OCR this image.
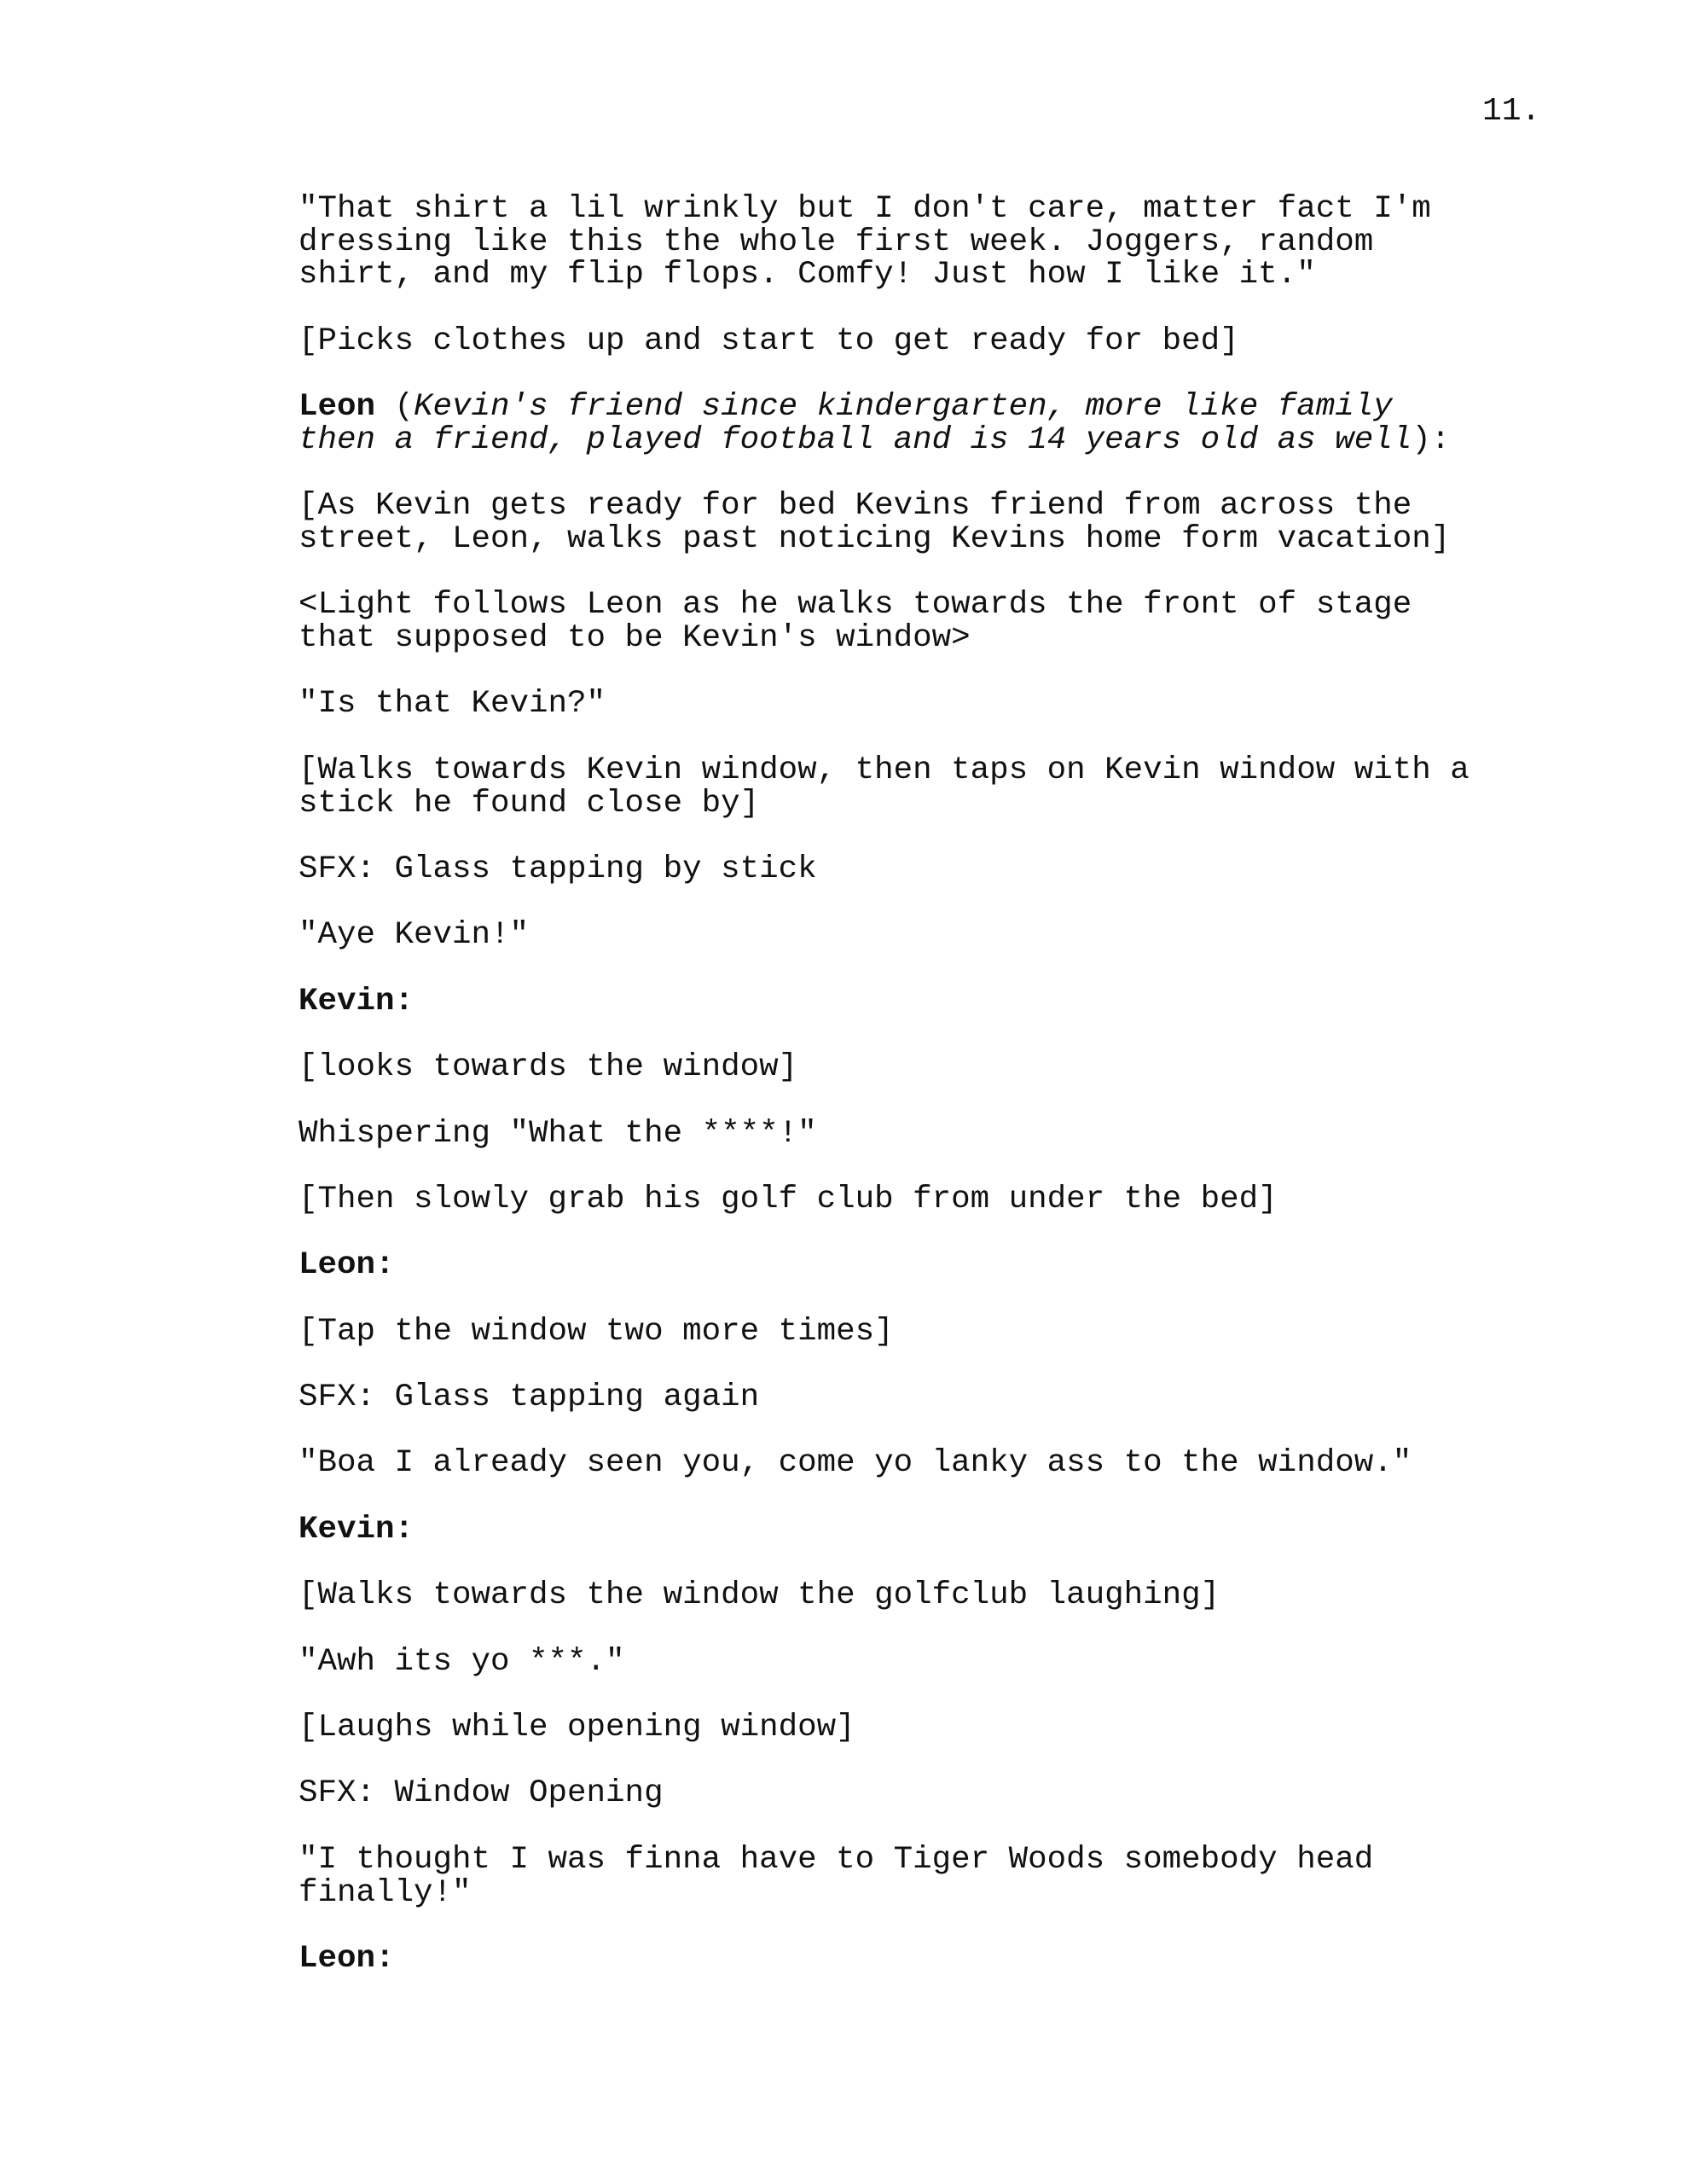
11.
"That shirt a lil wrinkly but I don't care, matter fact I'm
dressing like this the whole first week. Joggers, random
shirt, and my flip flops. Comfy! Just how I like it."
[Picks clothes up and start to get ready for bed]
Leon (Kevin's friend since kindergarten, more like family
then a friend, played football and is 14 years old as well):
[As Kevin gets ready for bed Kevins friend from across the
street, Leon, walks past noticing Kevins home form vacation]
<Light follows Leon as he walks towards the front of stage
that supposed to be Kevin's window>
"Is that Kevin?"
[Walks towards Kevin window, then taps on Kevin window with a
stick he found close by]
SFX: Glass tapping by stick
"Aye Kevin!"
Kevin:
[looks towards the window]
Whispering "What the ****!"
[Then slowly grab his golf club from under the bed]
Leon:
[Tap the window two more times]
SFX: Glass tapping again
"Boa I already seen you, come yo lanky ass to the window."
Kevin:
[Walks towards the window the golfclub laughing]
"Awh its yo ***."
[Laughs while opening window]
SFX: Window Opening
"I thought I was finna have to Tiger Woods somebody head
finally!"
Leon:
